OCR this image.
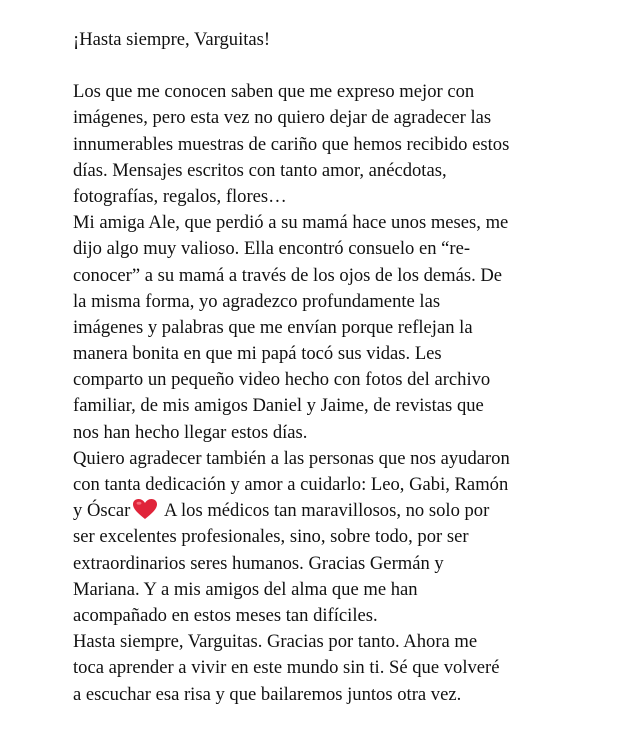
¡Hasta siempre, Varguitas!
Los que me conocen saben que me expreso mejor con
imágenes, pero esta vez no quiero dejar de agradecer las
innumerables muestras de cariño que hemos recibido estos
días. Mensajes escritos con tanto amor, anécdotas,
fotografías, regalos, flores…
Mi amiga Ale, que perdió a su mamá hace unos meses, me
dijo algo muy valioso. Ella encontró consuelo en “re-
conocer” a su mamá a través de los ojos de los demás. De
la misma forma, yo agradezco profundamente las
imágenes y palabras que me envían porque reflejan la
manera bonita en que mi papá tocó sus vidas. Les
comparto un pequeño video hecho con fotos del archivo
familiar, de mis amigos Daniel y Jaime, de revistas que
nos han hecho llegar estos días.
Quiero agradecer también a las personas que nos ayudaron
con tanta dedicación y amor a cuidarlo: Leo, Gabi, Ramón
y Óscar A los médicos tan maravillosos, no solo por
ser excelentes profesionales, sino, sobre todo, por ser
extraordinarios seres humanos. Gracias Germán y
Mariana. Y a mis amigos del alma que me han
acompañado en estos meses tan difíciles.
Hasta siempre, Varguitas. Gracias por tanto. Ahora me
toca aprender a vivir en este mundo sin ti. Sé que volveré
a escuchar esa risa y que bailaremos juntos otra vez.
